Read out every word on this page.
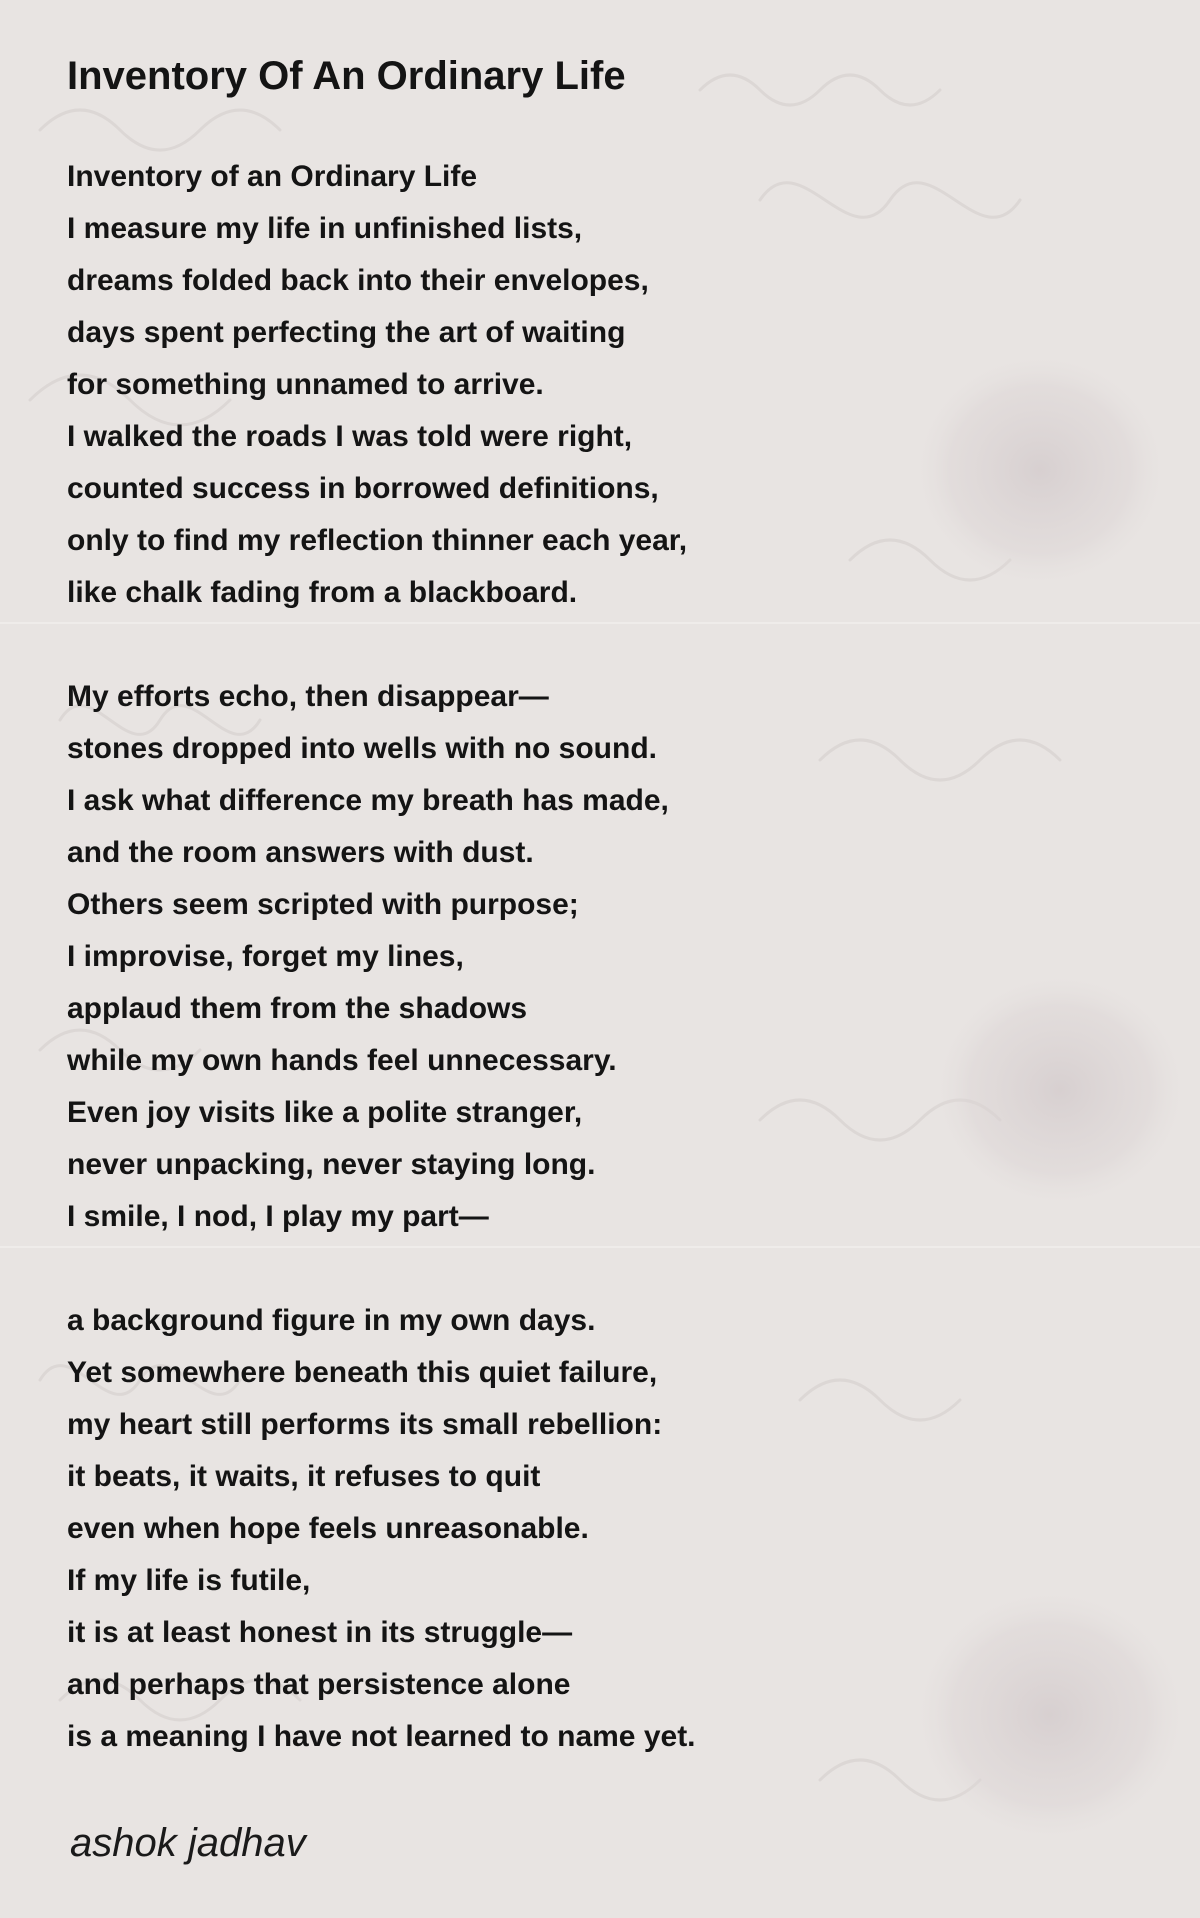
Inventory Of An Ordinary Life
Inventory of an Ordinary Life
I measure my life in unfinished lists,
dreams folded back into their envelopes,
days spent perfecting the art of waiting
for something unnamed to arrive.
I walked the roads I was told were right,
counted success in borrowed definitions,
only to find my reflection thinner each year,
like chalk fading from a blackboard.
My efforts echo, then disappear—
stones dropped into wells with no sound.
I ask what difference my breath has made,
and the room answers with dust.
Others seem scripted with purpose;
I improvise, forget my lines,
applaud them from the shadows
while my own hands feel unnecessary.
Even joy visits like a polite stranger,
never unpacking, never staying long.
I smile, I nod, I play my part—
a background figure in my own days.
Yet somewhere beneath this quiet failure,
my heart still performs its small rebellion:
it beats, it waits, it refuses to quit
even when hope feels unreasonable.
If my life is futile,
it is at least honest in its struggle—
and perhaps that persistence alone
is a meaning I have not learned to name yet.
ashok jadhav
